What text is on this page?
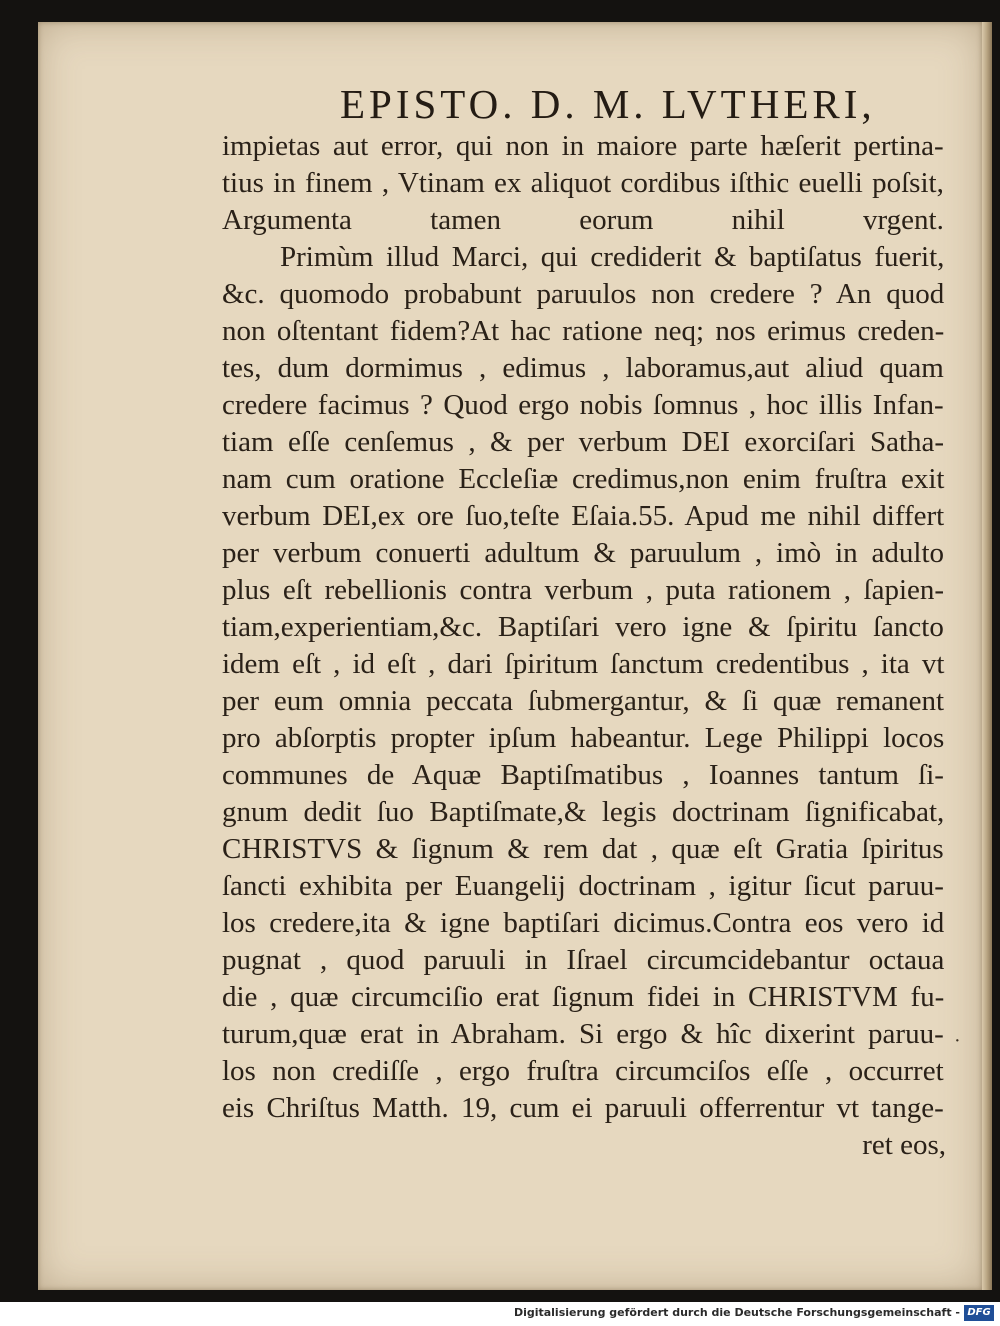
EPISTO. D. M. LVTHERI,
impietas aut error, qui non in maiore parte hæſerit pertina-
tius in finem , Vtinam ex aliquot cordibus iſthic euelli poſsit,
Argumenta tamen eorum nihil vrgent.
Primùm illud Marci, qui crediderit & baptiſatus fuerit,
&c. quomodo probabunt paruulos non credere ? An quod
non oſtentant fidem?At hac ratione neq; nos erimus creden-
tes, dum dormimus , edimus , laboramus,aut aliud quam
credere facimus ? Quod ergo nobis ſomnus , hoc illis Infan-
tiam eſſe cenſemus , & per verbum DEI exorciſari Satha-
nam cum oratione Eccleſiæ credimus,non enim fruſtra exit
verbum DEI,ex ore ſuo,teſte Eſaia.55. Apud me nihil differt
per verbum conuerti adultum & paruulum , imò in adulto
plus eſt rebellionis contra verbum , puta rationem , ſapien-
tiam,experientiam,&c. Baptiſari vero igne & ſpiritu ſancto
idem eſt , id eſt , dari ſpiritum ſanctum credentibus , ita vt
per eum omnia peccata ſubmergantur, & ſi quæ remanent
pro abſorptis propter ipſum habeantur. Lege Philippi locos
communes de Aquæ Baptiſmatibus , Ioannes tantum ſi-
gnum dedit ſuo Baptiſmate,& legis doctrinam ſignificabat,
CHRISTVS & ſignum & rem dat , quæ eſt Gratia ſpiritus
ſancti exhibita per Euangelij doctrinam , igitur ſicut paruu-
los credere,ita & igne baptiſari dicimus.Contra eos vero id
pugnat , quod paruuli in Iſrael circumcidebantur octaua
die , quæ circumciſio erat ſignum fidei in CHRISTVM fu-
turum,quæ erat in Abraham. Si ergo & hîc dixerint paruu-
los non crediſſe , ergo fruſtra circumciſos eſſe , occurret
eis Chriſtus Matth. 19, cum ei paruuli offerrentur vt tange-
ret eos,
·
Digitalisierung gefördert durch die Deutsche Forschungsgemeinschaft - DFG
